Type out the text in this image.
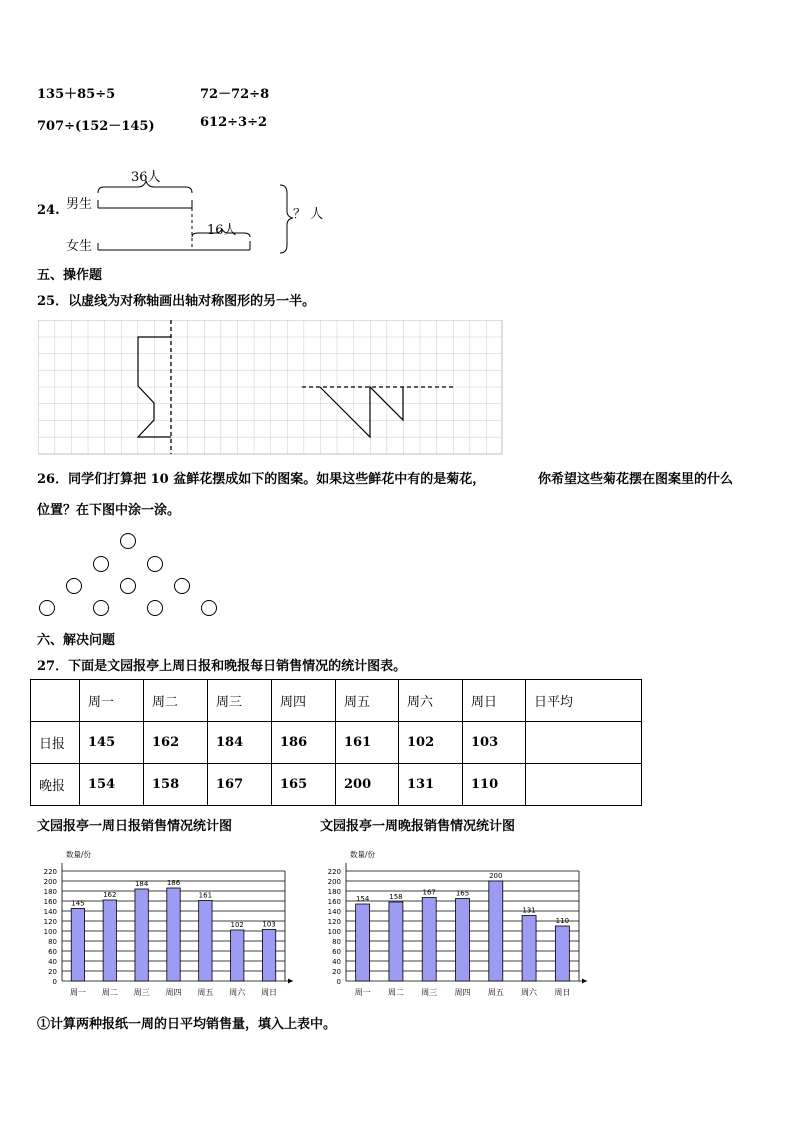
135＋85÷5	72－72÷8
707÷(152－145)	612÷3÷2
24. 男生
女生
36人
16人
？ 人
五、操作题
25．以虚线为对称轴画出轴对称图形的另一半。
26．同学们打算把 10 盆鲜花摆成如下的图案。如果这些鲜花中有的是菊花，	你希望这些菊花摆在图案里的什么
位置？在下图中涂一涂。
六、解决问题
27．下面是文园报亭上周日报和晚报每日销售情况的统计图表。
	周一	周二	周三	周四	周五	周六	周日	日平均
日报	145	162	184	186	161	102	103	
晚报	154	158	167	165	200	131	110	
文园报亭一周日报销售情况统计图	文园报亭一周晚报销售情况统计图
数量/份
0
20
40
60
80
100
120
140
160
180
200
220
145
周一
162
周二
184
周三
186
周四
161
周五
102
周六
103
周日
数量/份
0
20
40
60
80
100
120
140
160
180
200
220
154
周一
158
周二
167
周三
165
周四
200
周五
131
周六
110
周日
①计算两种报纸一周的日平均销售量，填入上表中。
